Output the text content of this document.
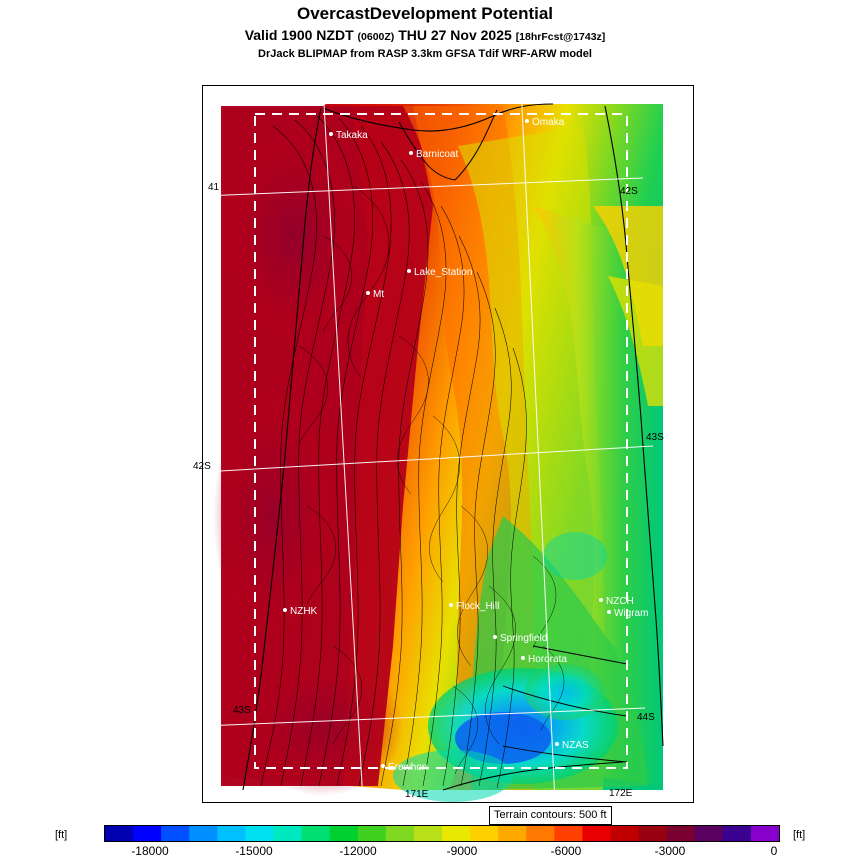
OvercastDevelopment Potential
Valid 1900 NZDT (0600Z) THU 27 Nov 2025 [18hrFcst@1743z]
DrJack BLIPMAP from RASP 3.3km GFSA Tdif WRF-ARW model
Takaka
Omaka
Barnicoat
Lake_Station
Mt
NZHK	Flock_Hill	NZCH
Wigram
Springfield
Hororata
NZAS
Erewhon
3E	174E
42S
43S
43S
44S
171E	172E
41
42S
Terrain contours: 500 ft
[ft]	[ft]
-18000	-15000	-12000	-9000	-6000	-3000	0
